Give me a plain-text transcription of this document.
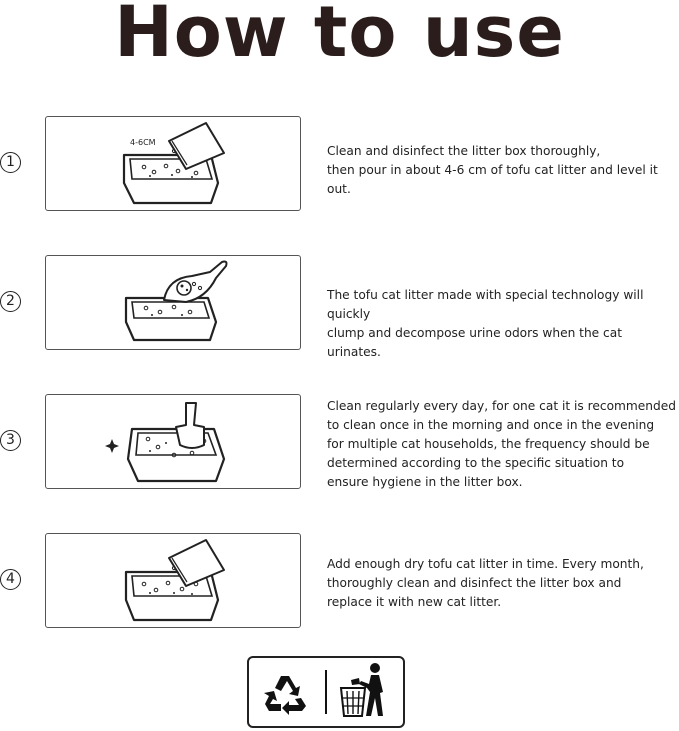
How to use
1
4-6CM

Clean and disinfect the litter box thoroughly,
then pour in about 4-6 cm of tofu cat litter and level it out.

2	The tofu cat litter made with special technology will quickly
clump and decompose urine odors when the cat urinates.

3

Clean regularly every day, for one cat it is recommended
to clean once in the morning and once in the evening
for multiple cat households, the frequency should be
determined according to the specific situation to
ensure hygiene in the litter box.

4

Add enough dry tofu cat litter in time. Every month,
thoroughly clean and disinfect the litter box and
replace it with new cat litter.
